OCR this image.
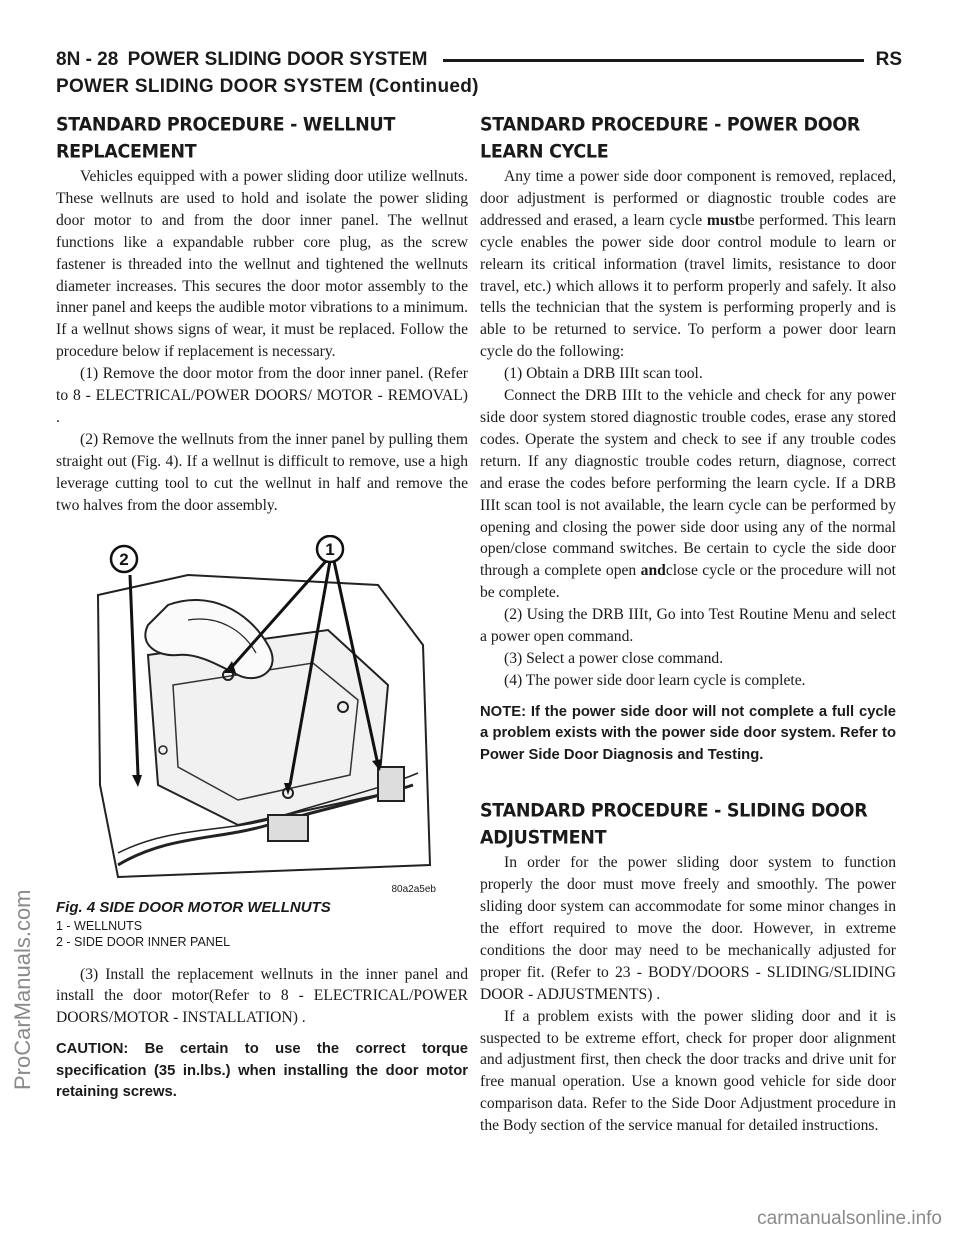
8N - 28 POWER SLIDING DOOR SYSTEM	RS
POWER SLIDING DOOR SYSTEM (Continued)
STANDARD PROCEDURE - WELLNUT REPLACEMENT

Vehicles equipped with a power sliding door utilize wellnuts. These wellnuts are used to hold and isolate the power sliding door motor to and from the door inner panel. The wellnut functions like a expandable rubber core plug, as the screw fastener is threaded into the wellnut and tightened the wellnuts diameter increases. This secures the door motor assembly to the inner panel and keeps the audible motor vibrations to a minimum. If a wellnut shows signs of wear, it must be replaced. Follow the procedure below if replacement is necessary.

(1) Remove the door motor from the door inner panel. (Refer to 8 - ELECTRICAL/POWER DOORS/ MOTOR - REMOVAL) .

(2) Remove the wellnuts from the inner panel by pulling them straight out (Fig. 4). If a wellnut is difficult to remove, use a high leverage cutting tool to cut the wellnut in half and remove the two halves from the door assembly.

1
2
80a2a5eb
Fig. 4 SIDE DOOR MOTOR WELLNUTS
1 - WELLNUTS
2 - SIDE DOOR INNER PANEL

(3) Install the replacement wellnuts in the inner panel and install the door motor(Refer to 8 - ELECTRICAL/POWER DOORS/MOTOR - INSTALLATION) .

CAUTION: Be certain to use the correct torque specification (35 in.lbs.) when installing the door motor retaining screws.
STANDARD PROCEDURE - POWER DOOR LEARN CYCLE

Any time a power side door component is removed, replaced, door adjustment is performed or diagnostic trouble codes are addressed and erased, a learn cycle mustbe performed. This learn cycle enables the power side door control module to learn or relearn its critical information (travel limits, resistance to door travel, etc.) which allows it to perform properly and safely. It also tells the technician that the system is performing properly and is able to be returned to service. To perform a power door learn cycle do the following:

(1) Obtain a DRB IIIt scan tool.

Connect the DRB IIIt to the vehicle and check for any power side door system stored diagnostic trouble codes, erase any stored codes. Operate the system and check to see if any trouble codes return. If any diagnostic trouble codes return, diagnose, correct and erase the codes before performing the learn cycle. If a DRB IIIt scan tool is not available, the learn cycle can be performed by opening and closing the power side door using any of the normal open/close command switches. Be certain to cycle the side door through a complete open andclose cycle or the procedure will not be complete.

(2) Using the DRB IIIt, Go into Test Routine Menu and select a power open command.

(3) Select a power close command.

(4) The power side door learn cycle is complete.

NOTE: If the power side door will not complete a full cycle a problem exists with the power side door system. Refer to Power Side Door Diagnosis and Testing.
STANDARD PROCEDURE - SLIDING DOOR ADJUSTMENT

In order for the power sliding door system to function properly the door must move freely and smoothly. The power sliding door system can accommodate for some minor changes in the effort required to move the door. However, in extreme conditions the door may need to be mechanically adjusted for proper fit. (Refer to 23 - BODY/DOORS - SLIDING/SLIDING DOOR - ADJUSTMENTS) .

If a problem exists with the power sliding door and it is suspected to be extreme effort, check for proper door alignment and adjustment first, then check the door tracks and drive unit for free manual operation. Use a known good vehicle for side door comparison data. Refer to the Side Door Adjustment procedure in the Body section of the service manual for detailed instructions.

ProCarManuals.com
carmanualsonline.info
